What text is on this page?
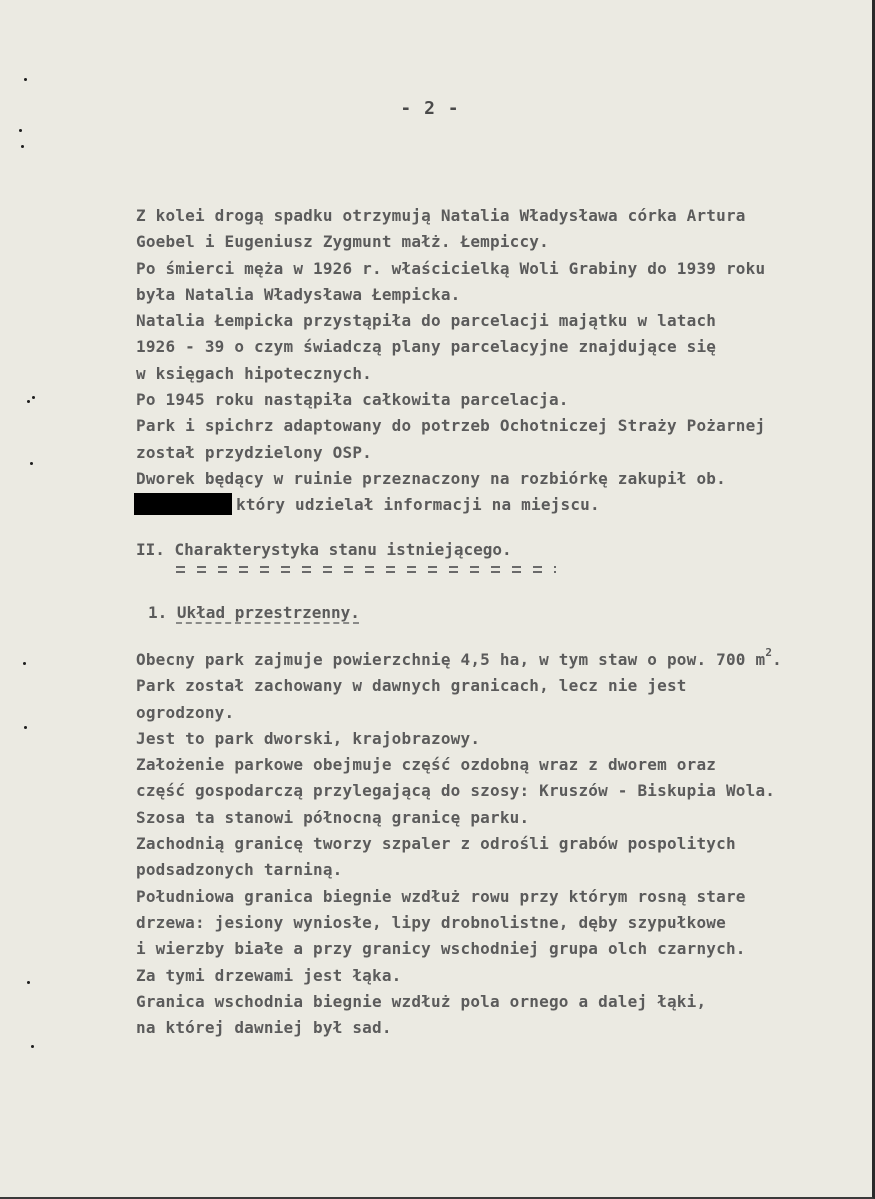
- 2 -
Z kolei drogą spadku otrzymują Natalia Władysława córka Artura
Goebel i Eugeniusz Zygmunt małż. Łempiccy.
Po śmierci męża w 1926 r. właścicielką Woli Grabiny do 1939 roku
była Natalia Władysława Łempicka.
Natalia Łempicka przystąpiła do parcelacji majątku w latach
1926 - 39 o czym świadczą plany parcelacyjne znajdujące się
w księgach hipotecznych.
Po 1945 roku nastąpiła całkowita parcelacja.
Park i spichrz adaptowany do potrzeb Ochotniczej Straży Pożarnej
został przydzielony OSP.
Dworek będący w ruinie przeznaczony na rozbiórkę zakupił ob.
który udzielał informacji na miejscu.
II. Charakterystyka stanu istniejącego.
1. Układ przestrzenny.
Obecny park zajmuje powierzchnię 4,5 ha, w tym staw o pow. 700 $m^2$.
Park został zachowany w dawnych granicach, lecz nie jest
ogrodzony.
Jest to park dworski, krajobrazowy.
Założenie parkowe obejmuje część ozdobną wraz z dworem oraz
część gospodarczą przylegającą do szosy: Kruszów - Biskupia Wola.
Szosa ta stanowi północną granicę parku.
Zachodnią granicę tworzy szpaler z odrośli grabów pospolitych
podsadzonych tarniną.
Południowa granica biegnie wzdłuż rowu przy którym rosną stare
drzewa: jesiony wyniosłe, lipy drobnolistne, dęby szypułkowe
i wierzby białe a przy granicy wschodniej grupa olch czarnych.
Za tymi drzewami jest łąka.
Granica wschodnia biegnie wzdłuż pola ornego a dalej łąki,
na której dawniej był sad.
